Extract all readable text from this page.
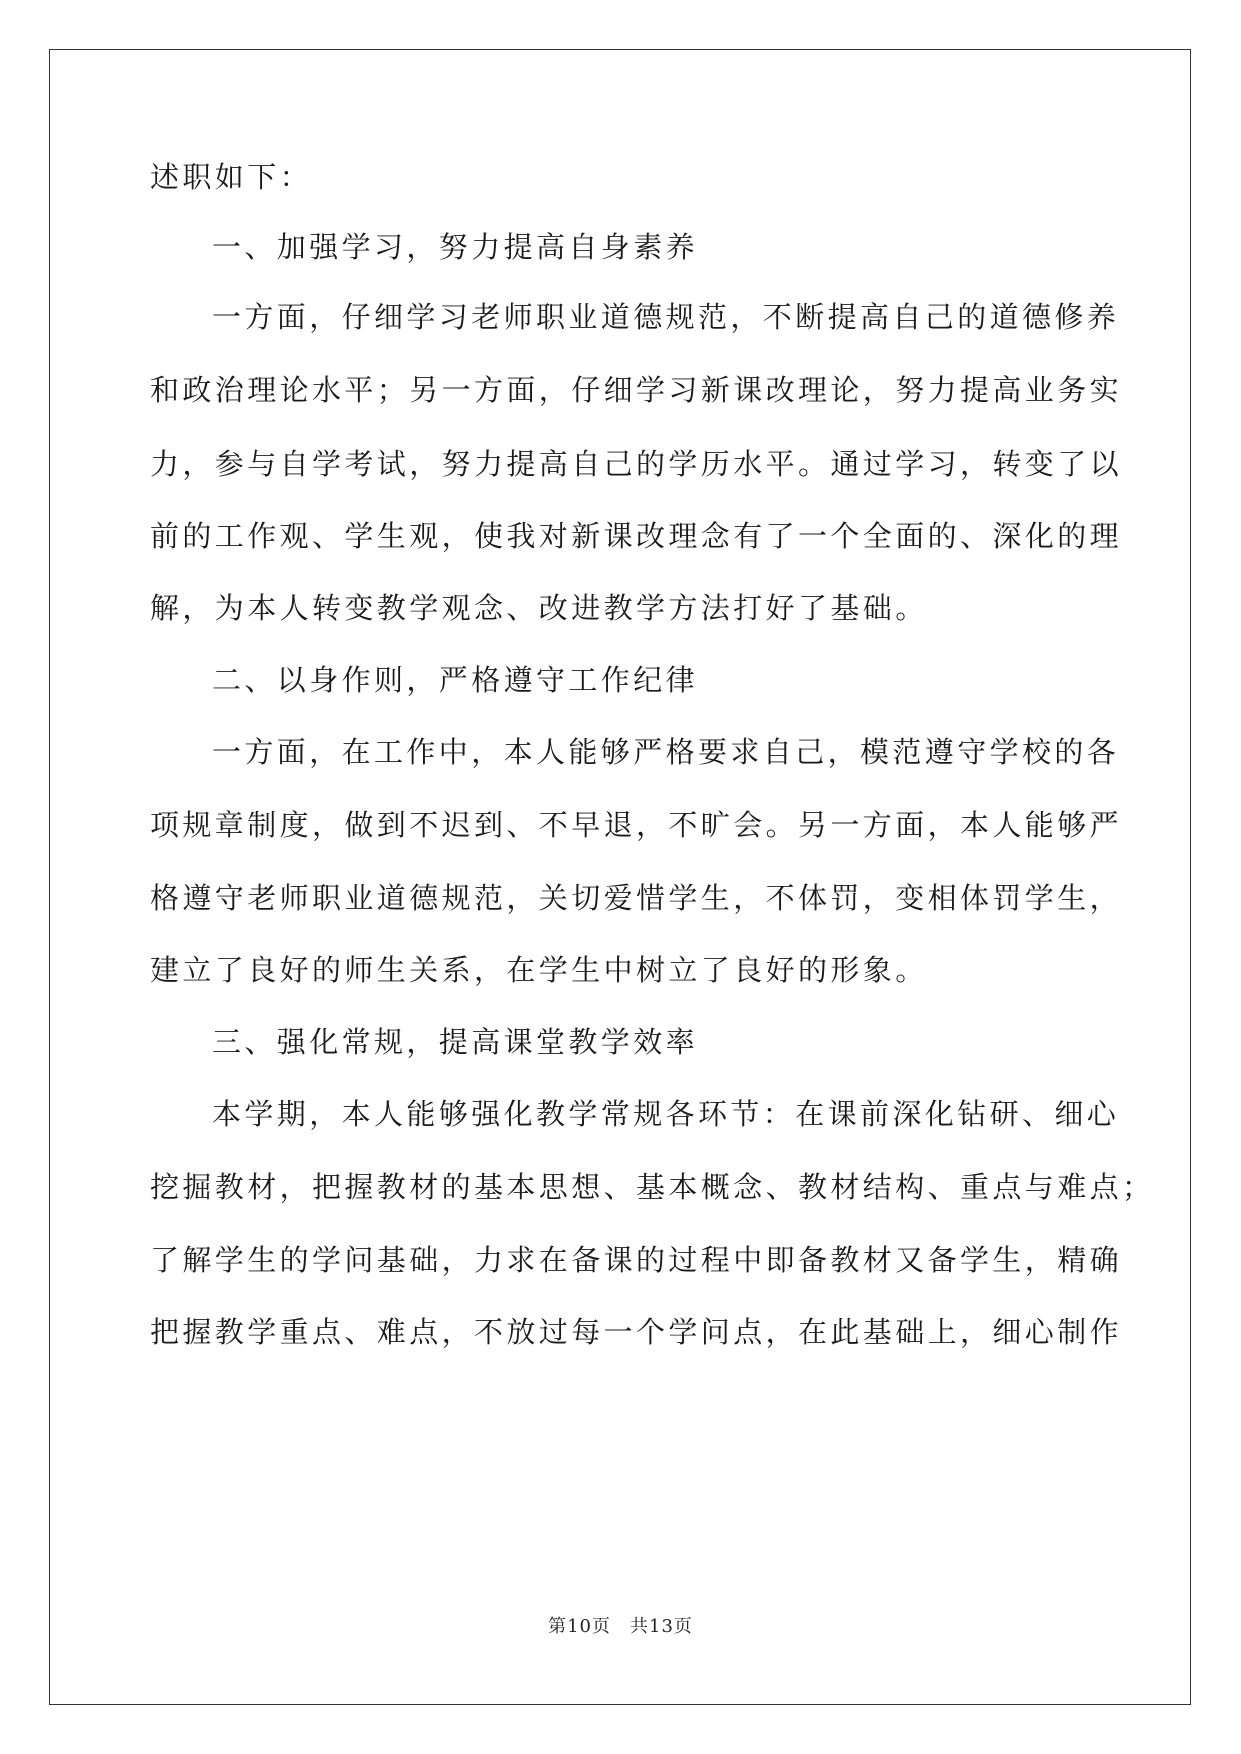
述职如下：
一、加强学习，努力提高自身素养
一方面，仔细学习老师职业道德规范，不断提高自己的道德修养
和政治理论水平；另一方面，仔细学习新课改理论，努力提高业务实
力，参与自学考试，努力提高自己的学历水平。通过学习，转变了以
前的工作观、学生观，使我对新课改理念有了一个全面的、深化的理
解，为本人转变教学观念、改进教学方法打好了基础。
二、以身作则，严格遵守工作纪律
一方面，在工作中，本人能够严格要求自己，模范遵守学校的各
项规章制度，做到不迟到、不早退，不旷会。另一方面，本人能够严
格遵守老师职业道德规范，关切爱惜学生，不体罚，变相体罚学生，
建立了良好的师生关系，在学生中树立了良好的形象。
三、强化常规，提高课堂教学效率
本学期，本人能够强化教学常规各环节：在课前深化钻研、细心
挖掘教材，把握教材的基本思想、基本概念、教材结构、重点与难点；
了解学生的学问基础，力求在备课的过程中即备教材又备学生，精确
把握教学重点、难点，不放过每一个学问点，在此基础上，细心制作
第10页　共13页
